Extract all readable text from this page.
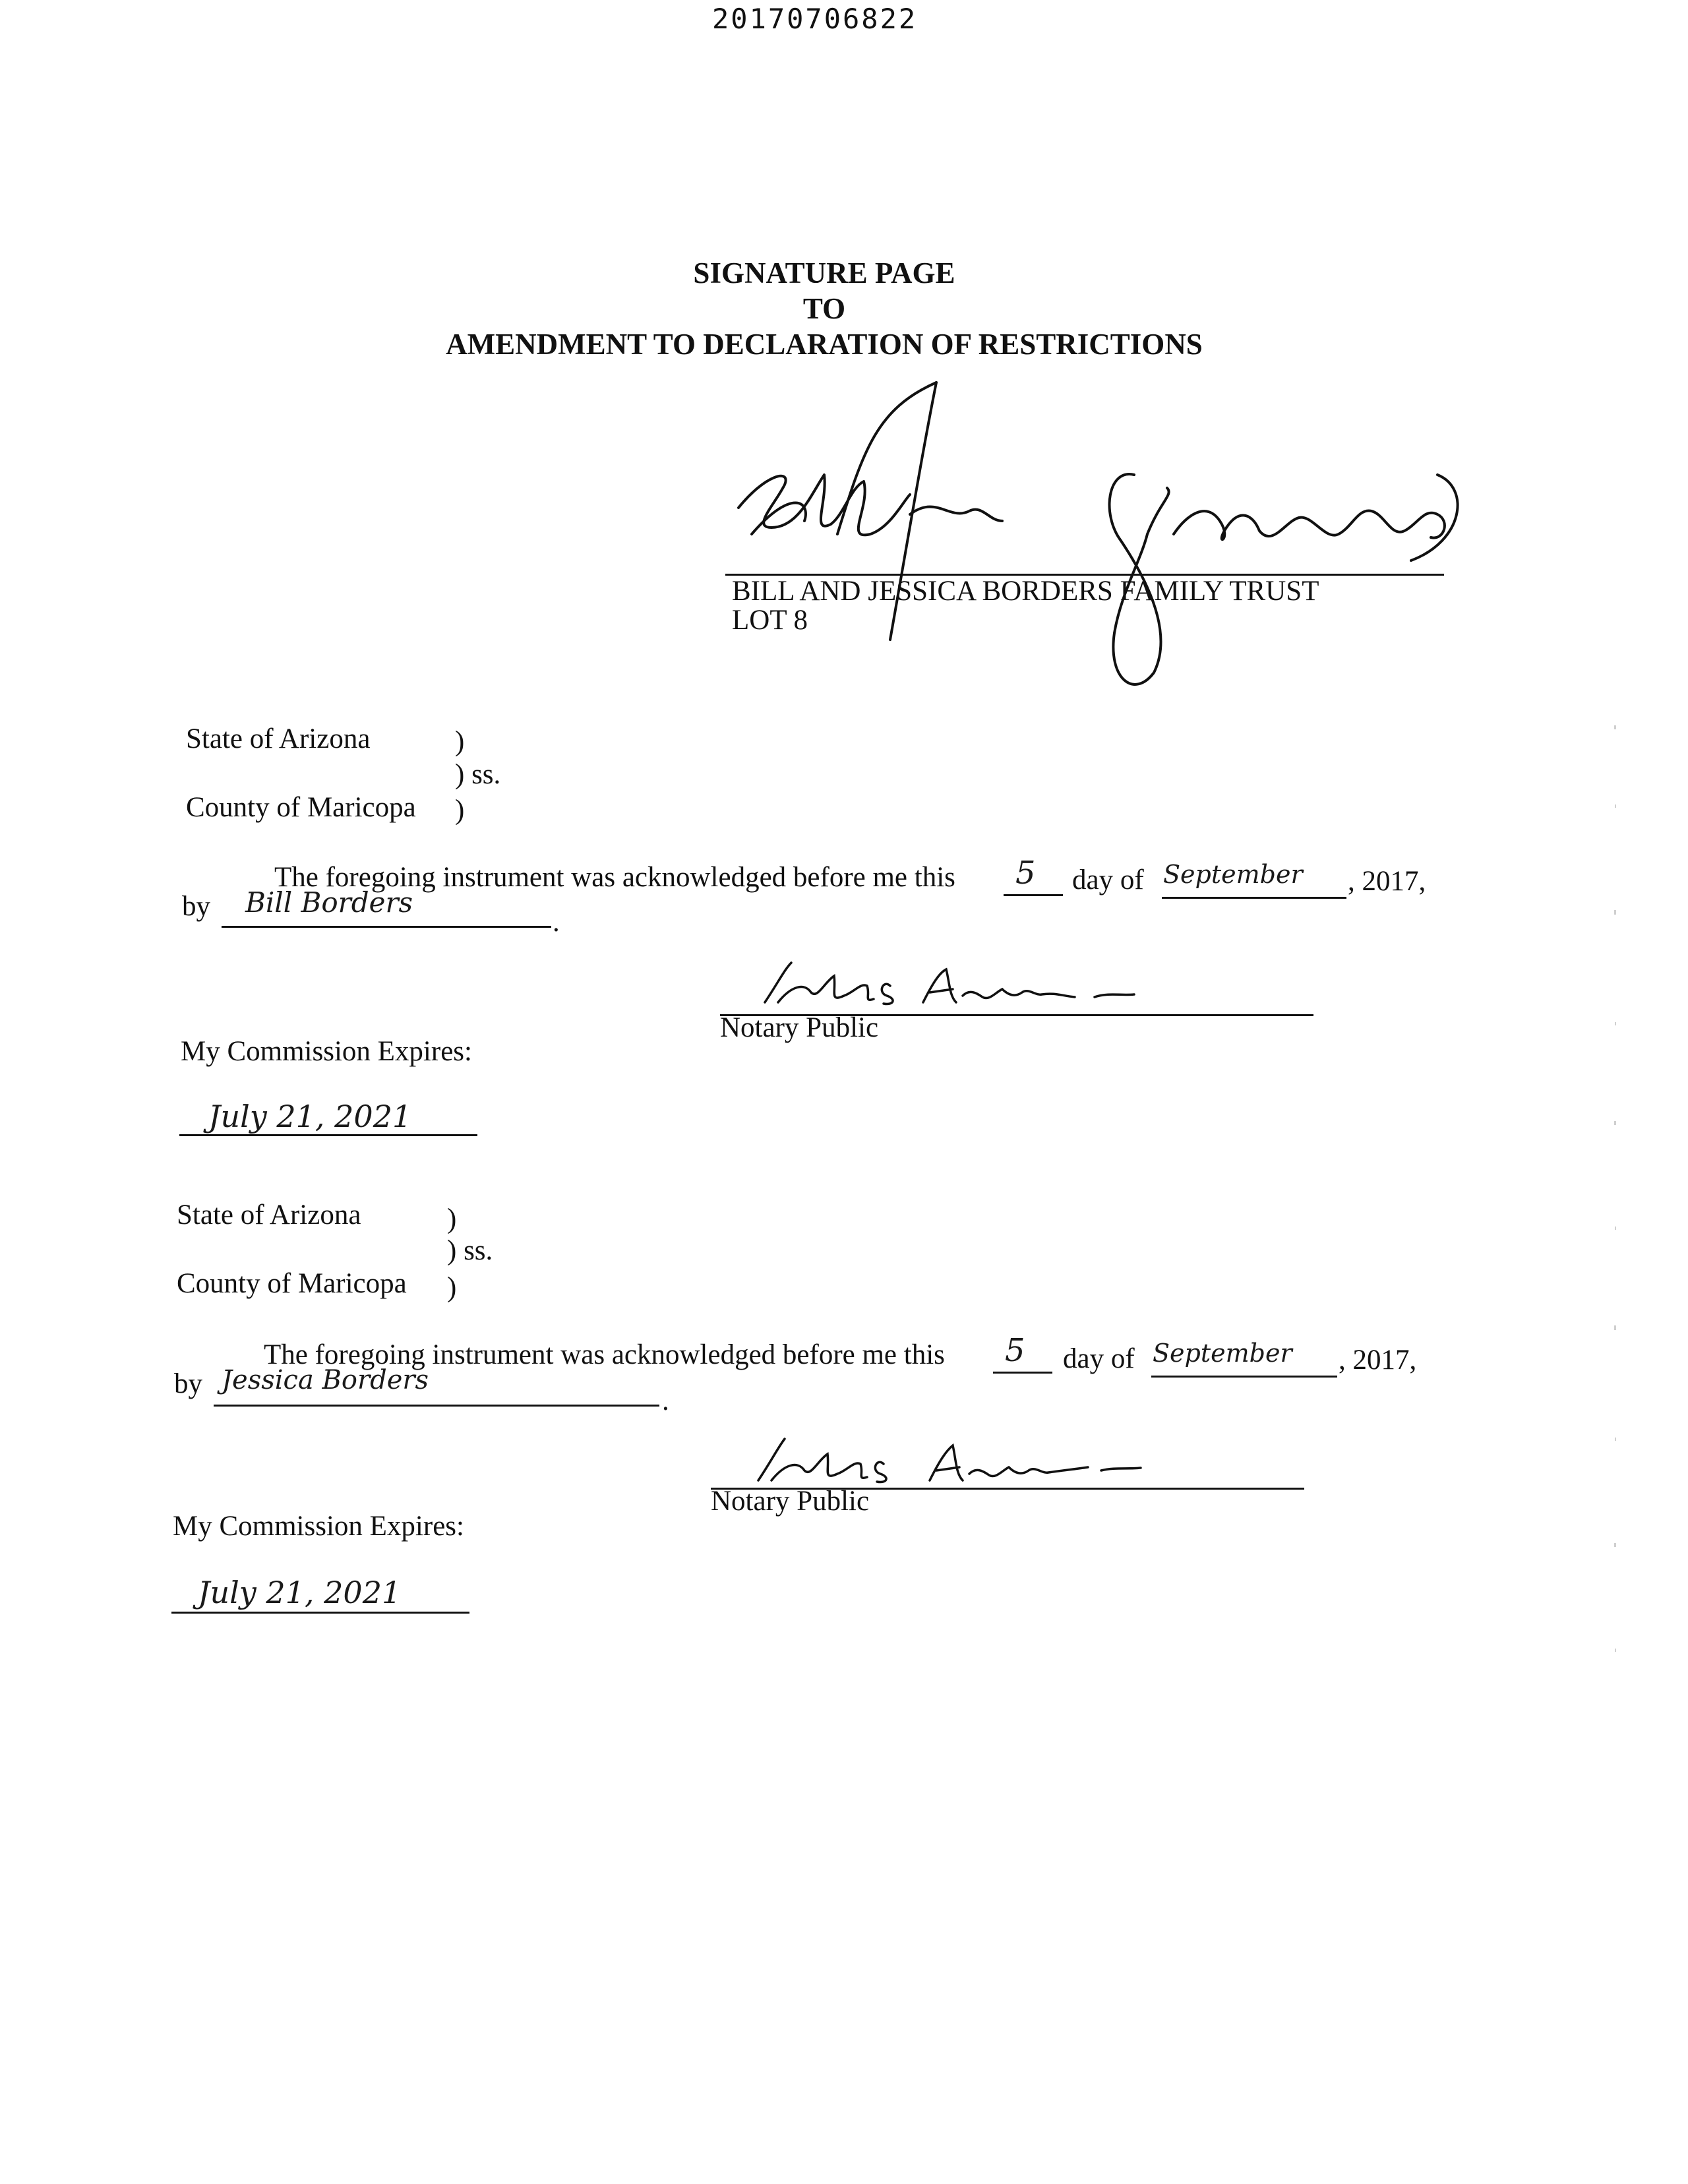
20170706822
SIGNATURE PAGE
TO
AMENDMENT TO DECLARATION OF RESTRICTIONS
BILL AND JESSICA BORDERS FAMILY TRUST
LOT 8
State of Arizona	)
) ss.
County of Maricopa )
The foregoing instrument was acknowledged before me this 5 day of September , 2017,
by Bill Borders
.
Notary Public
My Commission Expires:
July 21, 2021
State of Arizona	)
) ss.
County of Maricopa )
The foregoing instrument was acknowledged before me this 5 day of September , 2017,
by Jessica Borders
.
Notary Public
My Commission Expires:
July 21, 2021
